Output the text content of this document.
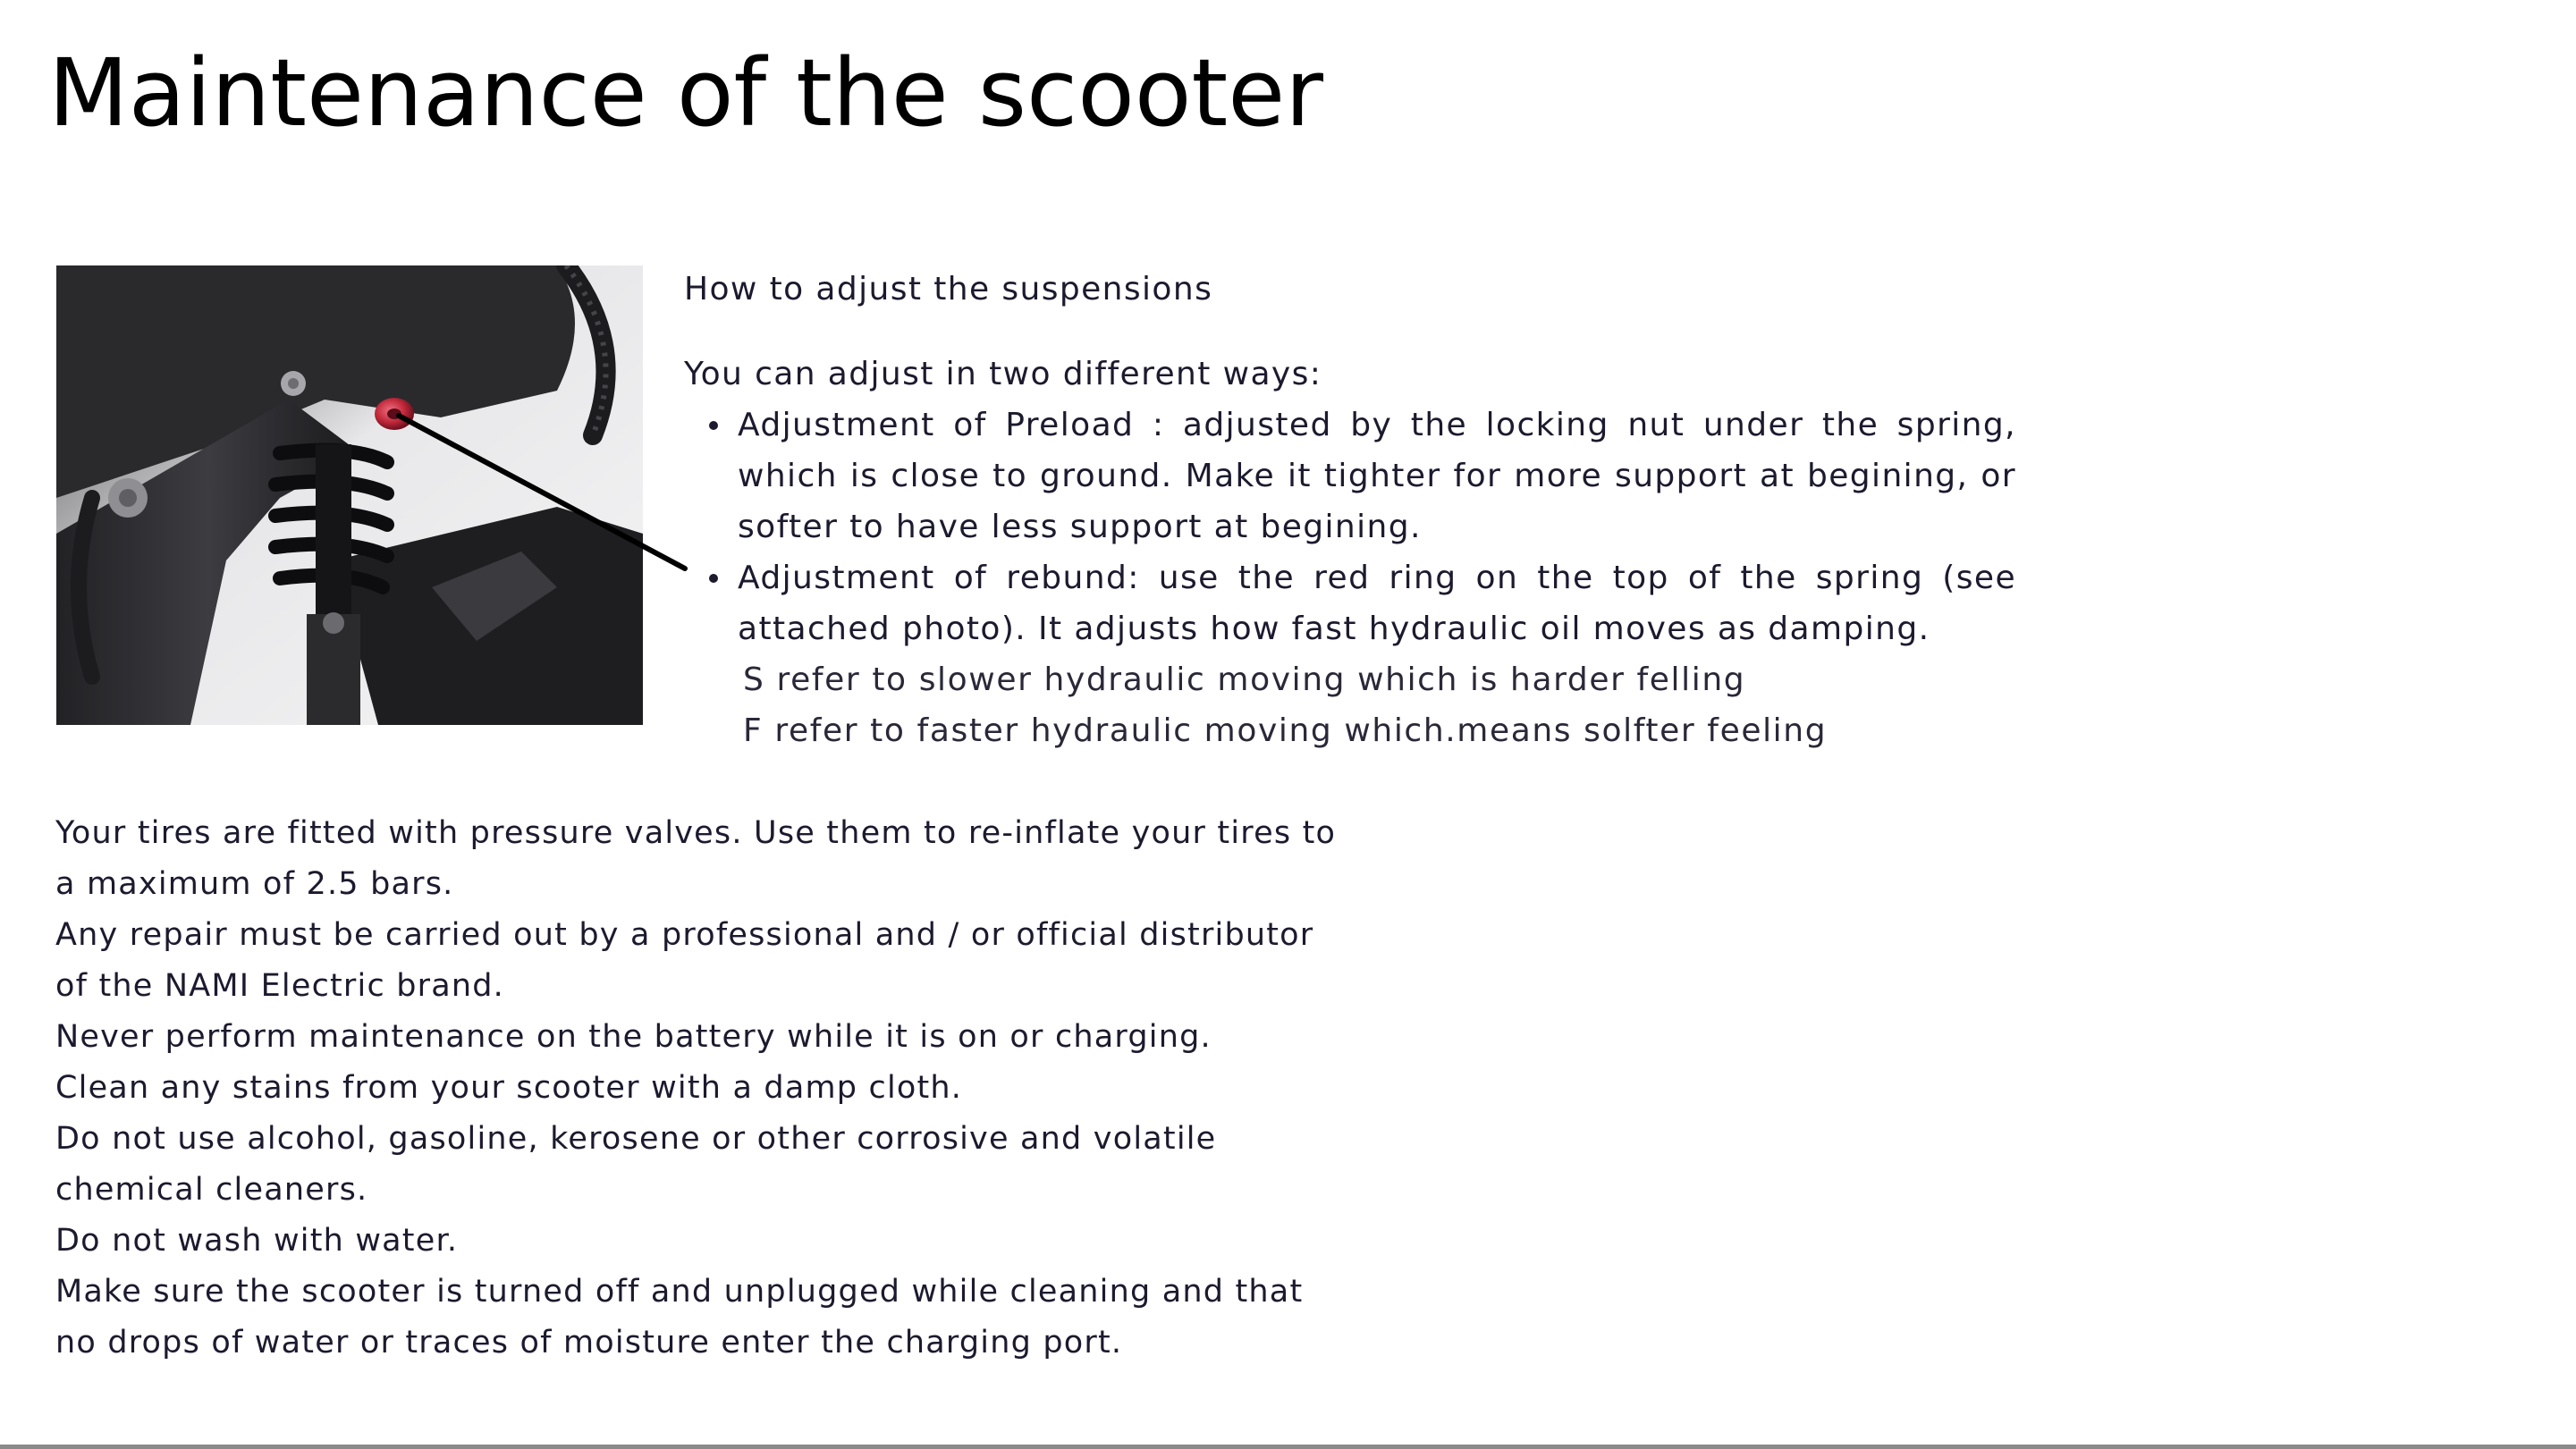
Maintenance of the scooter

How to adjust the suspensions

You can adjust in two different ways:

Adjustment of Preload : adjusted by the locking nut under the spring, which is close to ground. Make it tighter for more support at begining, or softer to have less support at begining.
Adjustment of rebund: use the red ring on the top of the spring (see attached photo). It adjusts how fast hydraulic oil moves as damping.

S refer to slower hydraulic moving which is harder felling

F refer to faster hydraulic moving which.means solfter feeling

Your tires are fitted with pressure valves. Use them to re-inflate your tires to a maximum of 2.5 bars.

Any repair must be carried out by a professional and / or official distributor of the NAMI Electric brand.

Never perform maintenance on the battery while it is on or charging.

Clean any stains from your scooter with a damp cloth.

Do not use alcohol, gasoline, kerosene or other corrosive and volatile chemical cleaners.

Do not wash with water.

Make sure the scooter is turned off and unplugged while cleaning and that no drops of water or traces of moisture enter the charging port.
